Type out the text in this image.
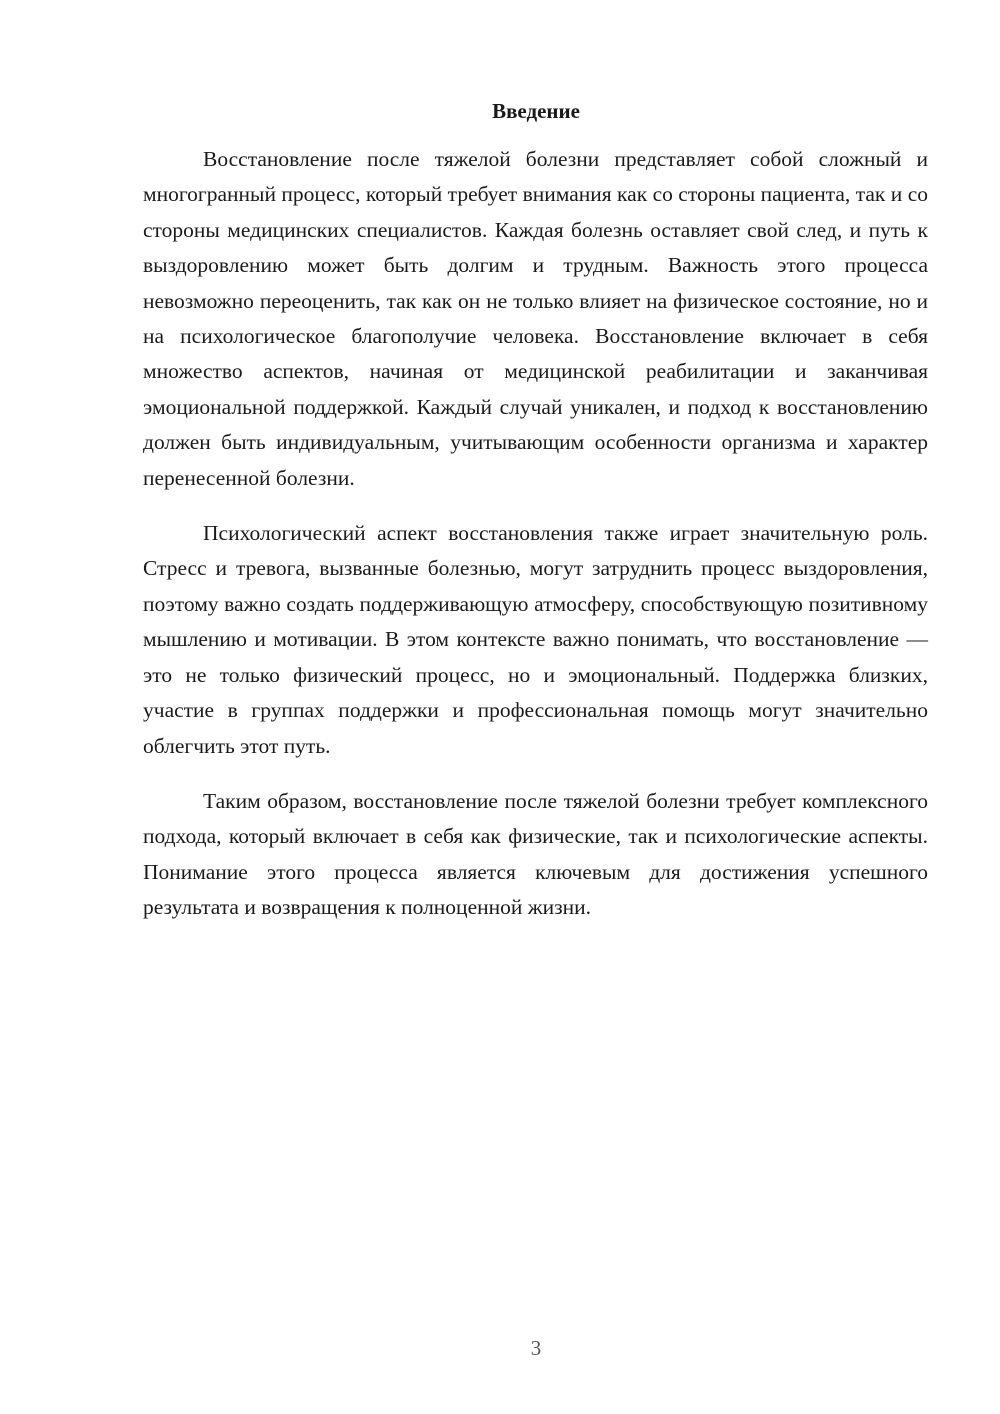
Введение

Восстановление после тяжелой болезни представляет собой сложный и многогранный процесс, который требует внимания как со стороны пациента, так и со стороны медицинских специалистов. Каждая болезнь оставляет свой след, и путь к выздоровлению может быть долгим и трудным. Важность этого процесса невозможно переоценить, так как он не только влияет на физическое состояние, но и на психологическое благополучие человека. Восстановление включает в себя множество аспектов, начиная от медицинской реабилитации и заканчивая эмоциональной поддержкой. Каждый случай уникален, и подход к восстановлению должен быть индивидуальным, учитывающим особенности организма и характер перенесенной болезни.

Психологический аспект восстановления также играет значительную роль. Стресс и тревога, вызванные болезнью, могут затруднить процесс выздоровления, поэтому важно создать поддерживающую атмосферу, способствующую позитивному мышлению и мотивации. В этом контексте важно понимать, что восстановление — это не только физический процесс, но и эмоциональный. Поддержка близких, участие в группах поддержки и профессиональная помощь могут значительно облегчить этот путь.

Таким образом, восстановление после тяжелой болезни требует комплексного подхода, который включает в себя как физические, так и психологические аспекты. Понимание этого процесса является ключевым для достижения успешного результата и возвращения к полноценной жизни.

3
